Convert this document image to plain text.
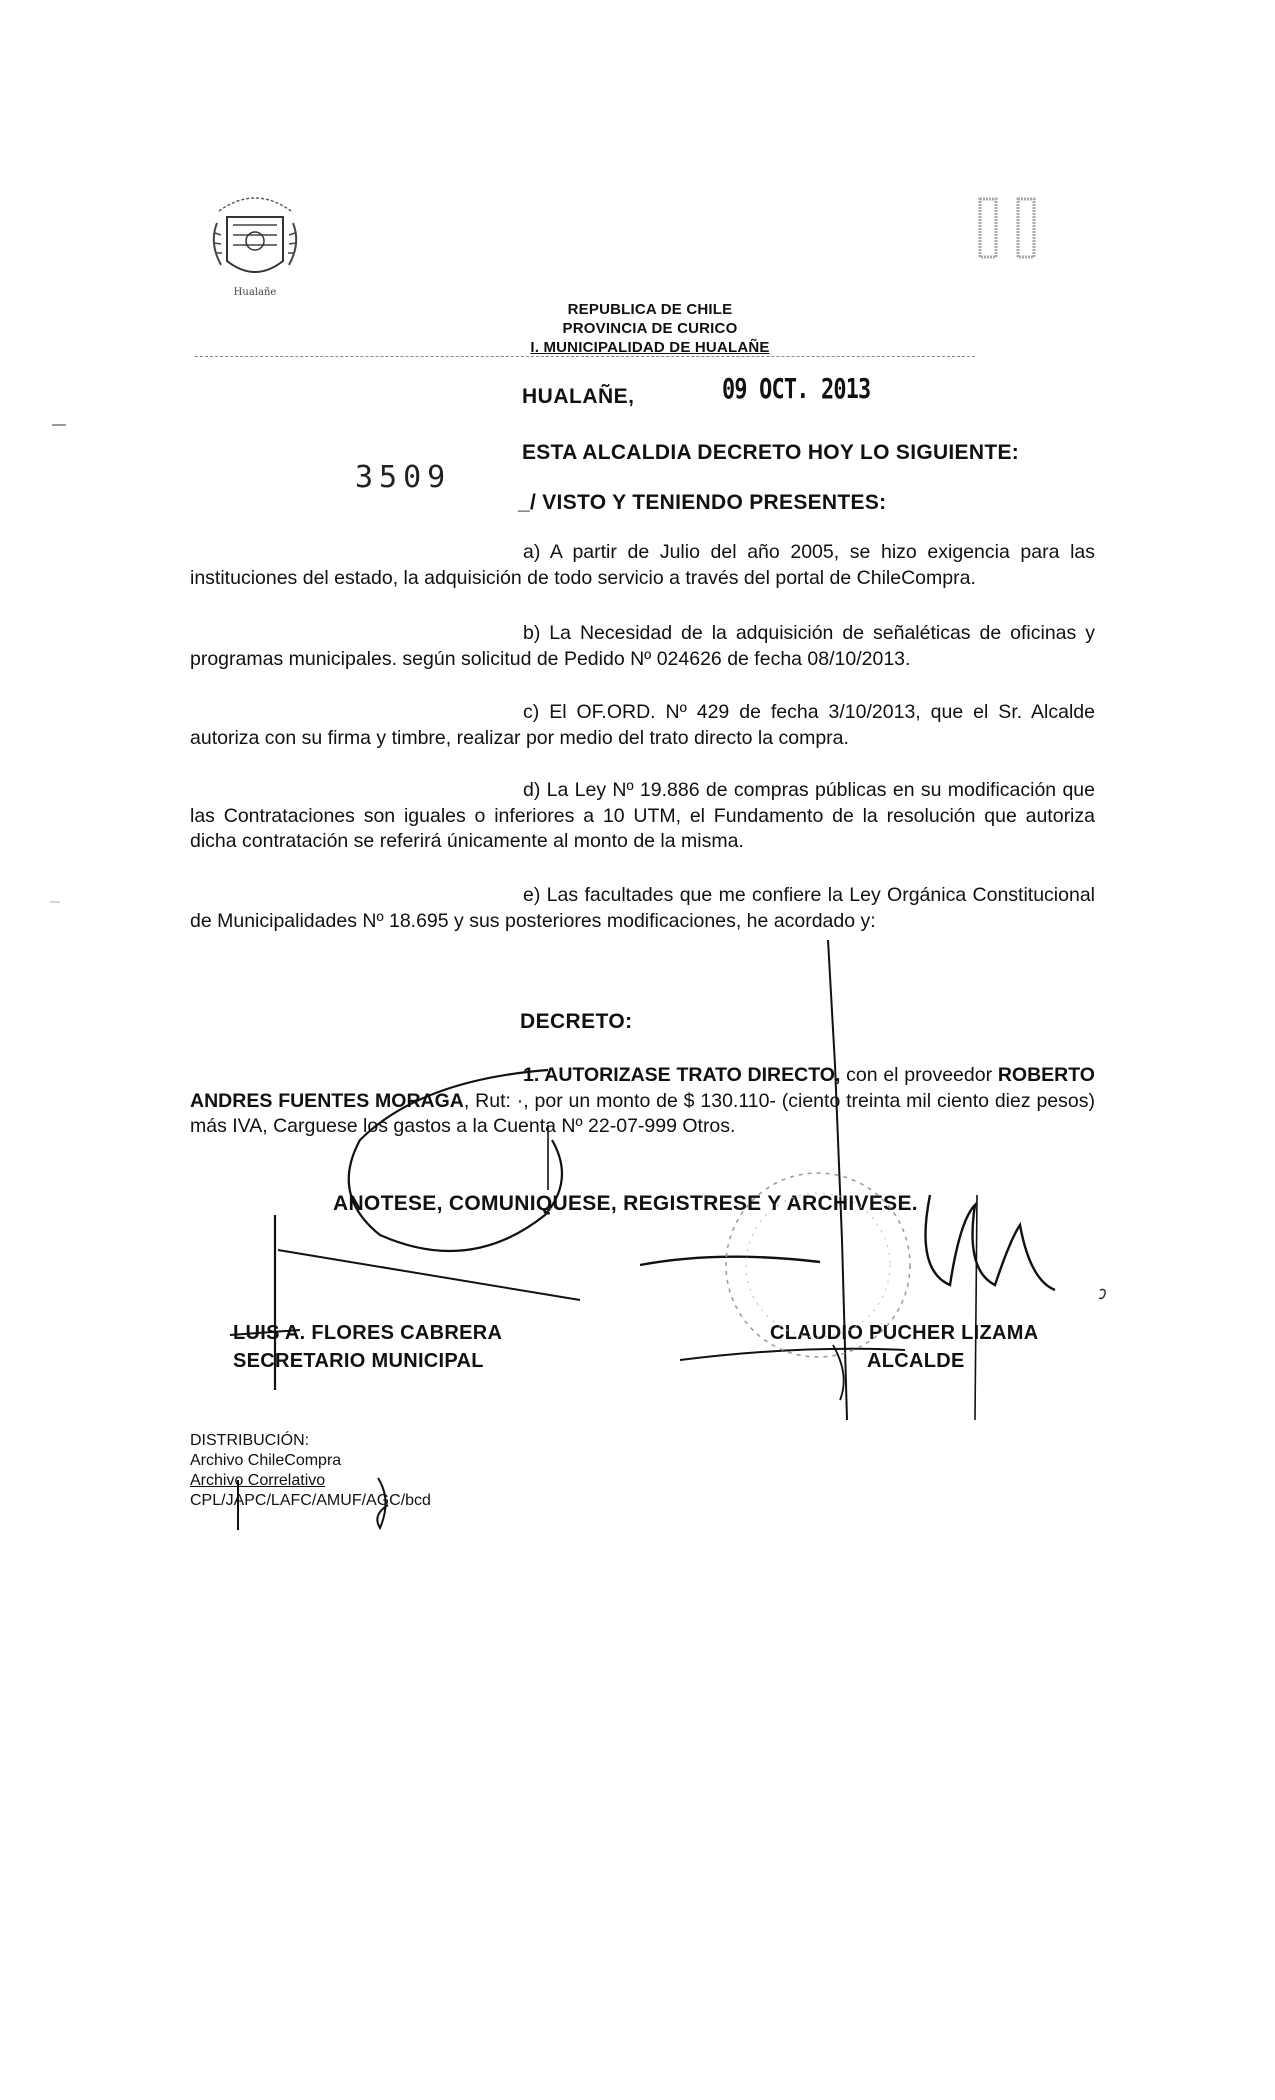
Hualañe
REPUBLICA DE CHILE
PROVINCIA DE CURICO
I. MUNICIPALIDAD DE HUALAÑE
HUALAÑE,	09 OCT. 2013
ESTA ALCALDIA DECRETO HOY LO SIGUIENTE:
3509
_/ VISTO Y TENIENDO PRESENTES:
a) A partir de Julio del año 2005, se hizo exigencia para las instituciones del estado, la adquisición de todo servicio a través del portal de ChileCompra.
b) La Necesidad de la adquisición de señaléticas de oficinas y programas municipales. según solicitud de Pedido Nº 024626 de fecha 08/10/2013.
c) El OF.ORD. Nº 429 de fecha 3/10/2013, que el Sr. Alcalde autoriza con su firma y timbre, realizar por medio del trato directo la compra.
d) La Ley Nº 19.886 de compras públicas en su modificación que las Contrataciones son iguales o inferiores a 10 UTM, el Fundamento de la resolución que autoriza dicha contratación se referirá únicamente al monto de la misma.
e) Las facultades que me confiere la Ley Orgánica Constitucional de Municipalidades Nº 18.695 y sus posteriores modificaciones, he acordado y:
DECRETO:
1. AUTORIZASE TRATO DIRECTO, con el proveedor ROBERTO ANDRES FUENTES MORAGA, Rut: ·, por un monto de $ 130.110- (ciento treinta mil ciento diez pesos) más IVA, Carguese los gastos a la Cuenta Nº 22-07-999 Otros.
ANOTESE, COMUNIQUESE, REGISTRESE Y ARCHIVESE.
LUIS A. FLORES CABRERA
SECRETARIO MUNICIPAL
CLAUDIO PUCHER LIZAMA
ALCALDE
DISTRIBUCIÓN:
Archivo ChileCompra
Archivo Correlativo
CPL/JAPC/LAFC/AMUF/AGC/bcd
